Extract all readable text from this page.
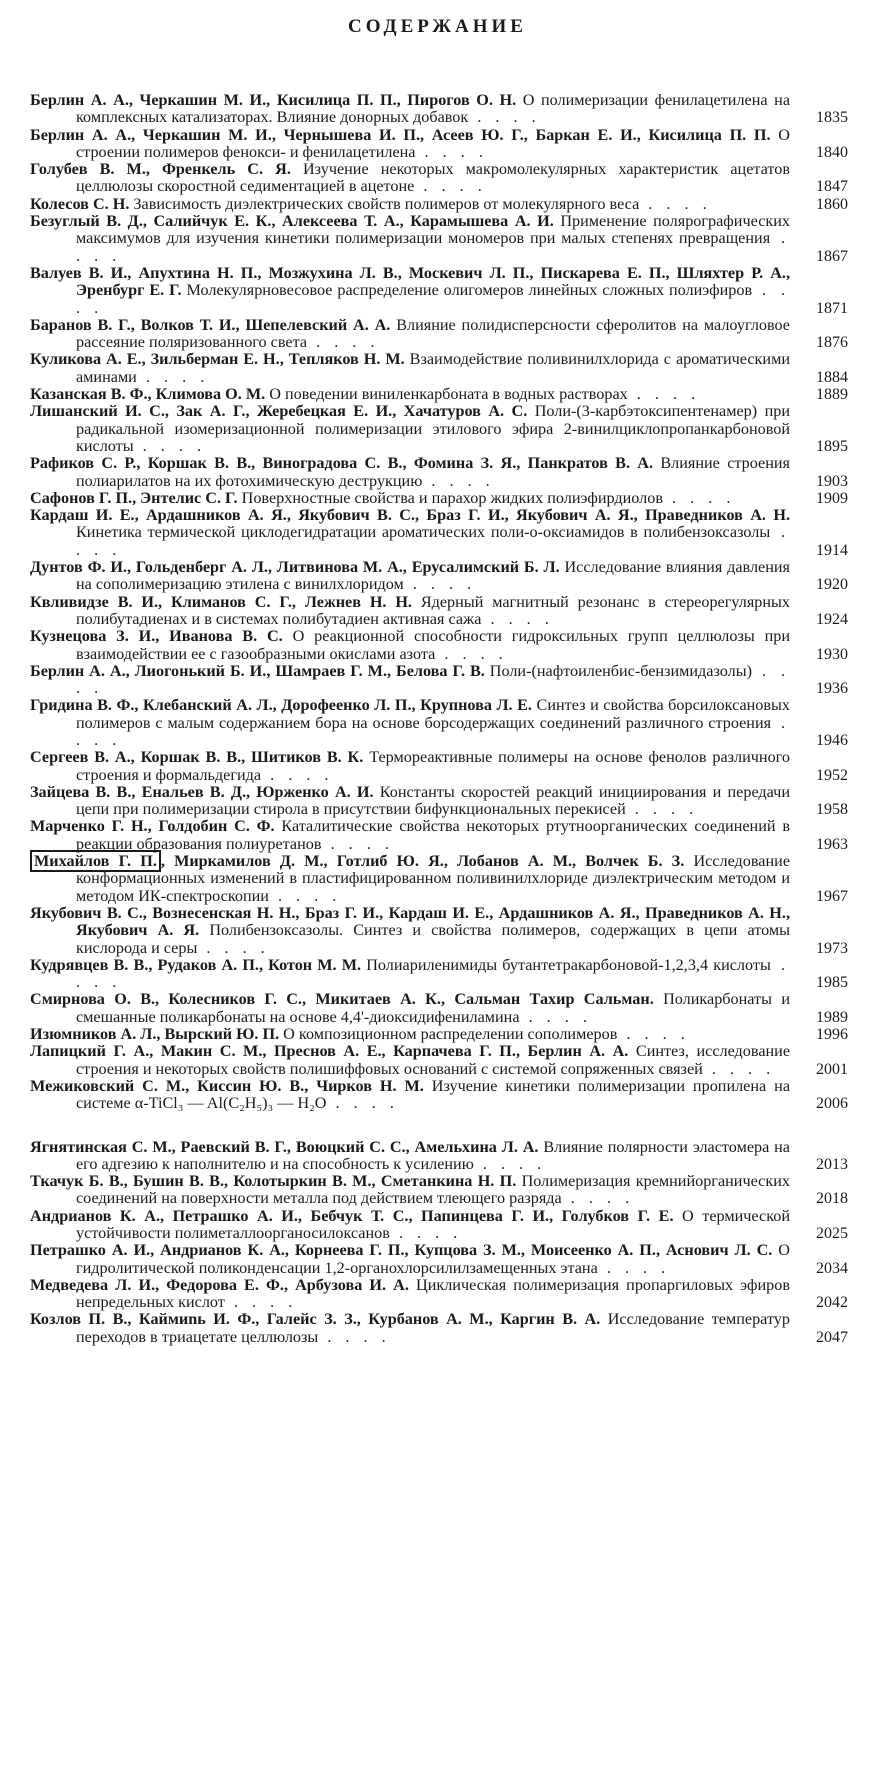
СОДЕРЖАНИЕ
Берлин А. А., Черкашин М. И., Кисилица П. П., Пирогов О. Н. О полимеризации фенилацетилена на комплексных катализаторах. Влияние донорных добавок . . . .	1835
Берлин А. А., Черкашин М. И., Чернышева И. П., Асеев Ю. Г., Баркан Е. И., Кисилица П. П. О строении полимеров фенокси- и фенилацетилена . . . .	1840
Голубев В. М., Френкель С. Я. Изучение некоторых макромолекулярных характеристик ацетатов целлюлозы скоростной седиментацией в ацетоне . . . .	1847
Колесов С. Н. Зависимость диэлектрических свойств полимеров от молекулярного веса . . . .	1860
Безуглый В. Д., Салийчук Е. К., Алексеева Т. А., Карамышева А. И. Применение полярографических максимумов для изучения кинетики полимеризации мономеров при малых степенях превращения . . . .	1867
Валуев В. И., Апухтина Н. П., Мозжухина Л. В., Москевич Л. П., Пискарева Е. П., Шляхтер Р. А., Эренбург Е. Г. Молекулярновесовое распределение олигомеров линейных сложных полиэфиров . . . .	1871
Баранов В. Г., Волков Т. И., Шепелевский А. А. Влияние полидисперсности сферолитов на малоугловое рассеяние поляризованного света . . . .	1876
Куликова А. Е., Зильберман Е. Н., Тепляков Н. М. Взаимодействие поливинилхлорида с ароматическими аминами . . . .	1884
Казанская В. Ф., Климова О. М. О поведении виниленкарбоната в водных растворах . . . .	1889
Лишанский И. С., Зак А. Г., Жеребецкая Е. И., Хачатуров А. С. Поли-(3-карбэтоксипентенамер) при радикальной изомеризационной полимеризации этилового эфира 2-винилциклопропанкарбоновой кислоты . . . .	1895
Рафиков С. Р., Коршак В. В., Виноградова С. В., Фомина З. Я., Панкратов В. А. Влияние строения полиарилатов на их фотохимическую деструкцию . . . .	1903
Сафонов Г. П., Энтелис С. Г. Поверхностные свойства и парахор жидких полиэфирдиолов . . . .	1909
Кардаш И. Е., Ардашников А. Я., Якубович В. С., Браз Г. И., Якубович А. Я., Праведников А. Н. Кинетика термической циклодегидратации ароматических поли-о-оксиамидов в полибензоксазолы . . . .	1914
Дунтов Ф. И., Гольденберг А. Л., Литвинова М. А., Ерусалимский Б. Л. Исследование влияния давления на сополимеризацию этилена с винилхлоридом . . . .	1920
Квливидзе В. И., Климанов С. Г., Лежнев Н. Н. Ядерный магнитный резонанс в стереорегулярных полибутадиенах и в системах полибутадиен активная сажа . . . .	1924
Кузнецова З. И., Иванова В. С. О реакционной способности гидроксильных групп целлюлозы при взаимодействии ее с газообразными окислами азота . . . .	1930
Берлин А. А., Лиогонький Б. И., Шамраев Г. М., Белова Г. В. Поли-(нафтоиленбис-бензимидазолы) . . . .	1936
Гридина В. Ф., Клебанский А. Л., Дорофеенко Л. П., Крупнова Л. Е. Синтез и свойства борсилоксановых полимеров с малым содержанием бора на основе борсодержащих соединений различного строения . . . .	1946
Сергеев В. А., Коршак В. В., Шитиков В. К. Термореактивные полимеры на основе фенолов различного строения и формальдегида . . . .	1952
Зайцева В. В., Енальев В. Д., Юрженко А. И. Константы скоростей реакций инициирования и передачи цепи при полимеризации стирола в присутствии бифункциональных перекисей . . . .	1958
Марченко Г. Н., Голдобин С. Ф. Каталитические свойства некоторых ртутноорганических соединений в реакции образования полиуретанов . . . .	1963
Михайлов Г. П. , Миркамилов Д. М., Готлиб Ю. Я., Лобанов А. М., Волчек Б. З. Исследование конформационных изменений в пластифицированном поливинилхлориде диэлектрическим методом и методом ИК-спектроскопии . . . .	1967
Якубович В. С., Вознесенская Н. Н., Браз Г. И., Кардаш И. Е., Ардашников А. Я., Праведников А. Н., Якубович А. Я. Полибензоксазолы. Синтез и свойства полимеров, содержащих в цепи атомы кислорода и серы . . . .	1973
Кудрявцев В. В., Рудаков А. П., Котон М. М. Полиариленимиды бутантетракарбоновой-1,2,3,4 кислоты . . . .	1985
Смирнова О. В., Колесников Г. С., Микитаев А. К., Сальман Тахир Сальман. Поликарбонаты и смешанные поликарбонаты на основе 4,4'-диоксидифениламина . . . .	1989
Изюмников А. Л., Вырский Ю. П. О композиционном распределении сополимеров . . . .	1996
Лапицкий Г. А., Макин С. М., Преснов А. Е., Карпачева Г. П., Берлин А. А. Синтез, исследование строения и некоторых свойств полишиффовых оснований с системой сопряженных связей . . . .	2001
Межиковский С. М., Киссин Ю. В., Чирков Н. М. Изучение кинетики полимеризации пропилена на системе α-TiCl₃ — Al(C₂H₅)₃ — H₂O . . . .	2006
Ягнятинская С. М., Раевский В. Г., Воюцкий С. С., Амельхина Л. А. Влияние полярности эластомера на его адгезию к наполнителю и на способность к усилению . . . .	2013
Ткачук Б. В., Бушин В. В., Колотыркин В. М., Сметанкина Н. П. Полимеризация кремнийорганических соединений на поверхности металла под действием тлеющего разряда . . . .	2018
Андрианов К. А., Петрашко А. И., Бебчук Т. С., Папинцева Г. И., Голубков Г. Е. О термической устойчивости полиметаллоорганосилоксанов . . . .	2025
Петрашко А. И., Андрианов К. А., Корнеева Г. П., Купцова З. М., Моисеенко А. П., Аснович Л. С. О гидролитической поликонденсации 1,2-органохлорсилилзамещенных этана . . . .	2034
Медведева Л. И., Федорова Е. Ф., Арбузова И. А. Циклическая полимеризация пропаргиловых эфиров непредельных кислот . . . .	2042
Козлов П. В., Каймиnь И. Ф., Галейс З. З., Курбанов А. М., Каргин В. А. Исследование температур переходов в триацетате целлюлозы . . . .	2047
